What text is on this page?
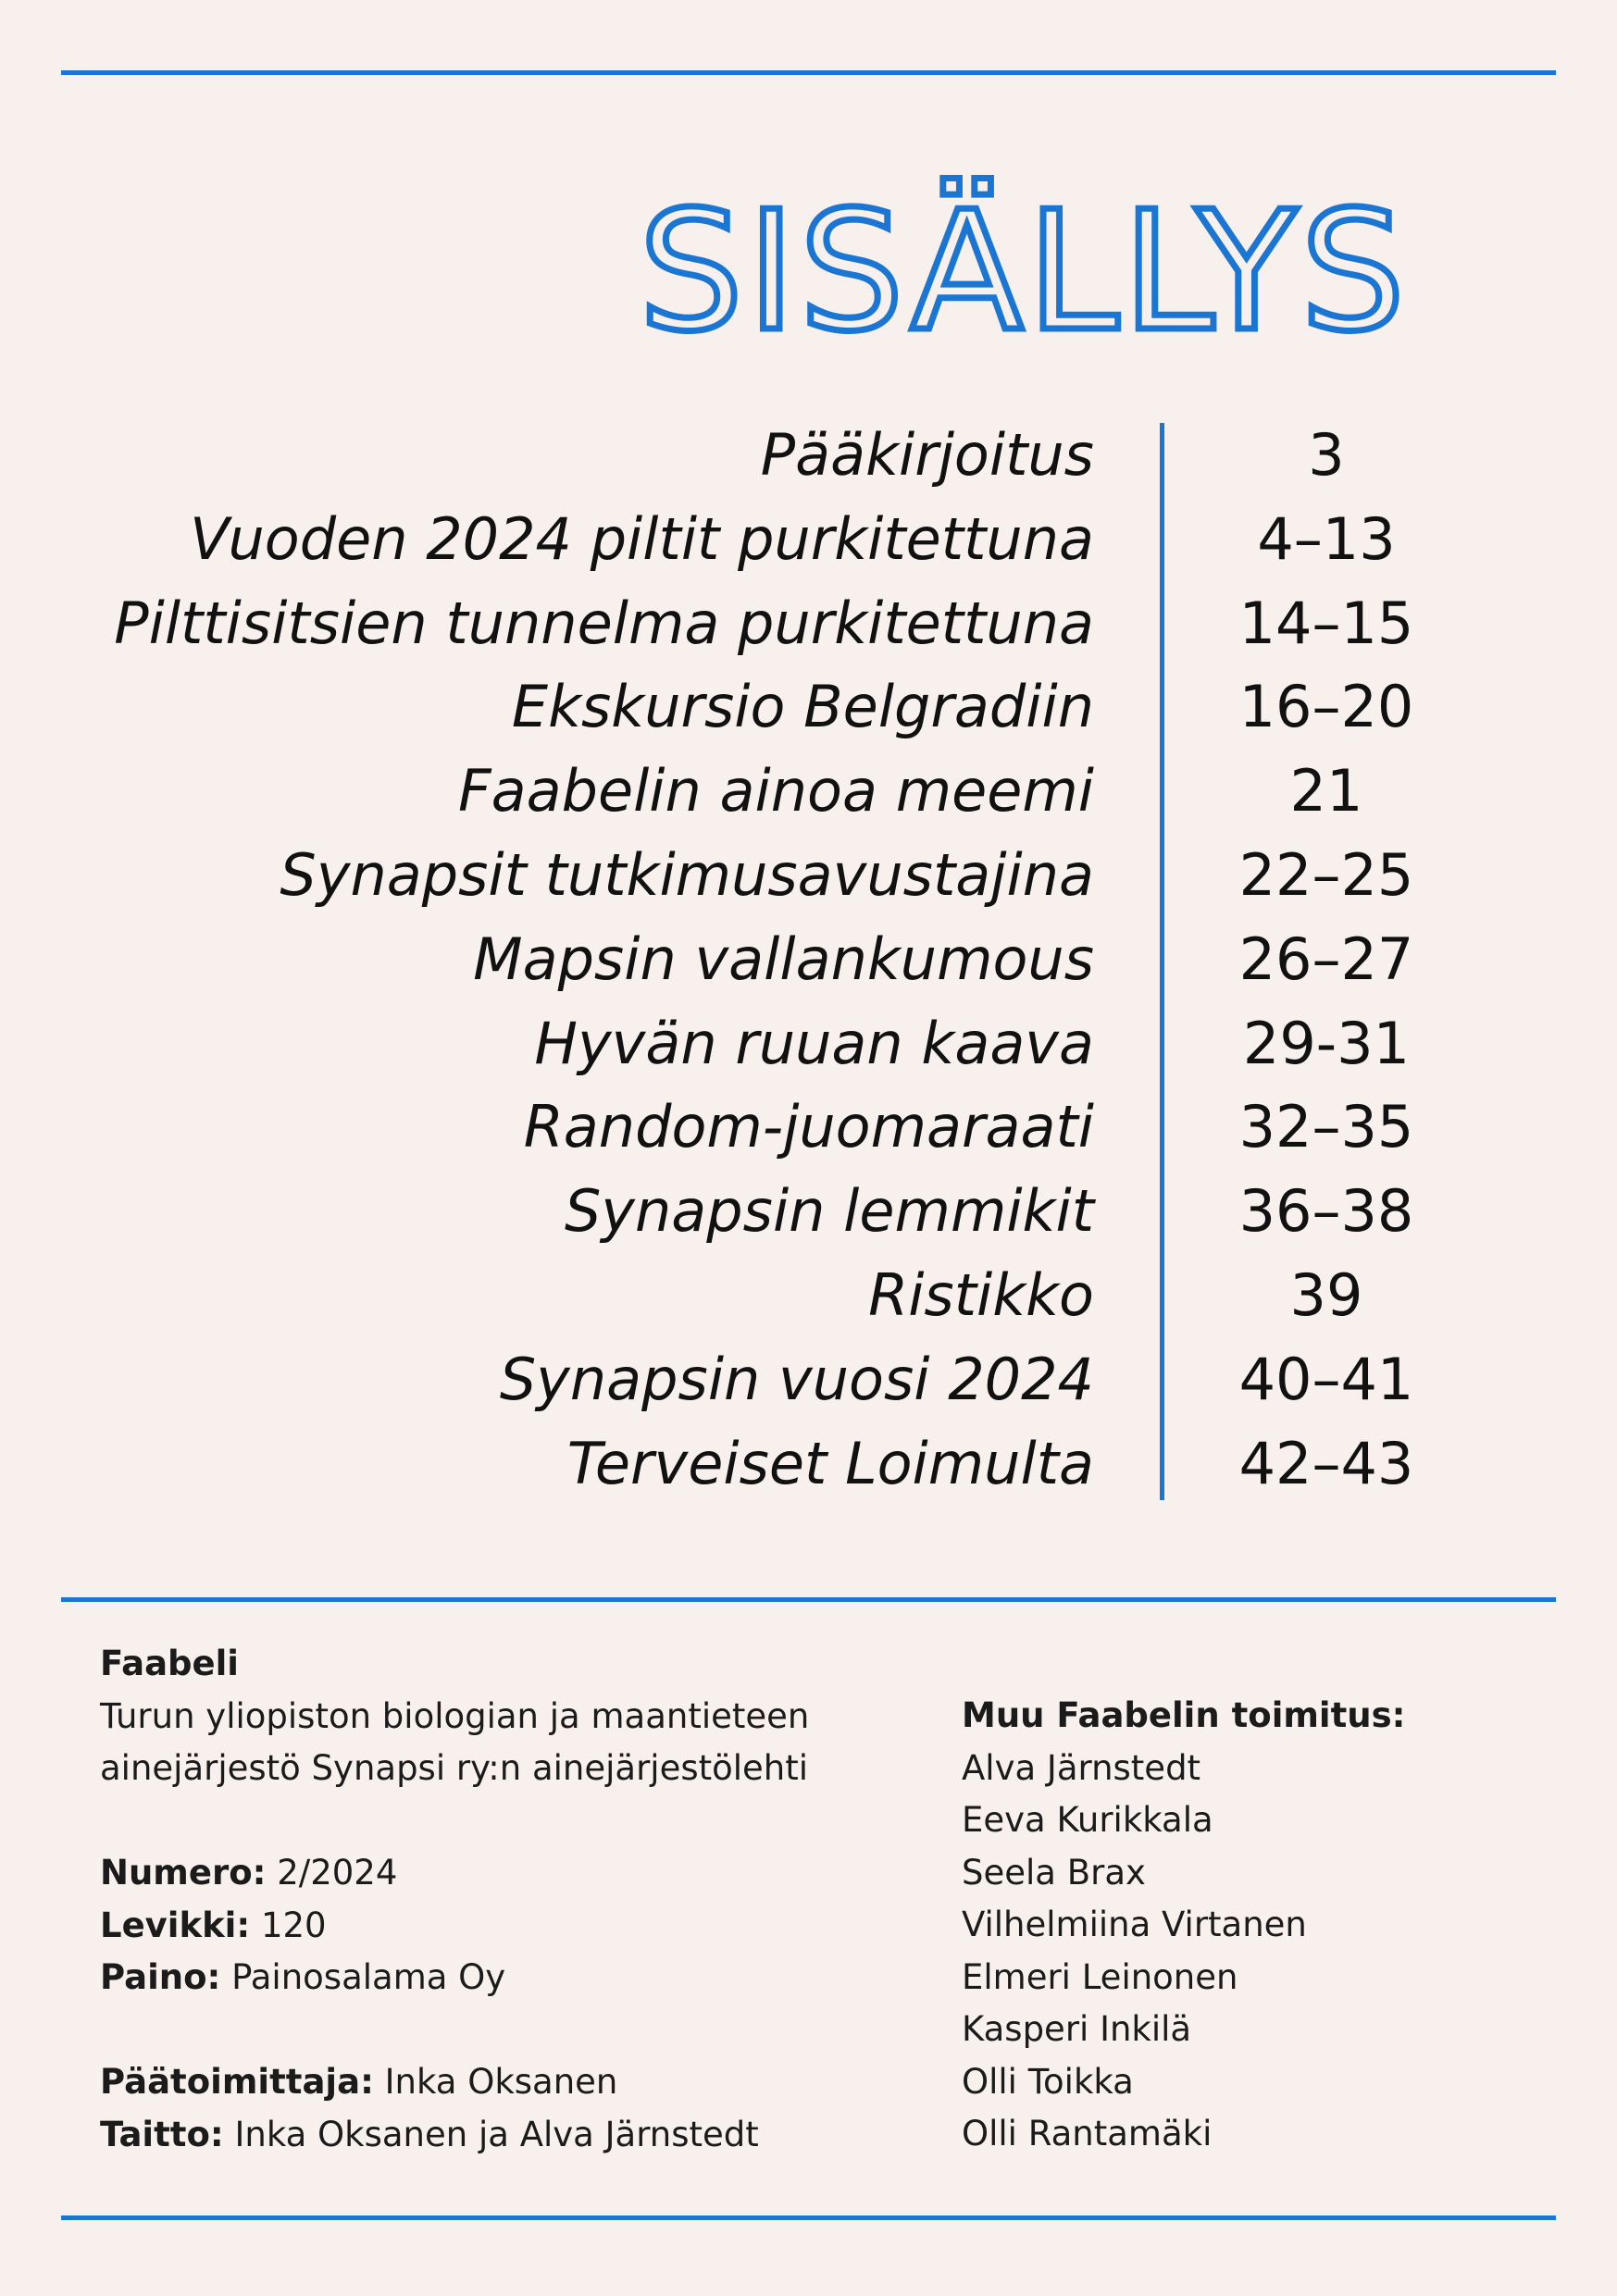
SISÄLLYS
Pääkirjoitus	3
Vuoden 2024 piltit purkitettuna	4–13
Pilttisitsien tunnelma purkitettuna	14–15
Ekskursio Belgradiin	16–20
Faabelin ainoa meemi	21
Synapsit tutkimusavustajina	22–25
Mapsin vallankumous	26–27
Hyvän ruuan kaava	29-31
Random-juomaraati	32–35
Synapsin lemmikit	36–38
Ristikko	39
Synapsin vuosi 2024	40–41
Terveiset Loimulta	42–43
Faabeli
Turun yliopiston biologian ja maantieteen
ainejärjestö Synapsi ry:n ainejärjestölehti
Numero: 2/2024
Levikki: 120
Paino: Painosalama Oy
Päätoimittaja: Inka Oksanen
Taitto: Inka Oksanen ja Alva Järnstedt
Muu Faabelin toimitus:
Alva Järnstedt
Eeva Kurikkala
Seela Brax
Vilhelmiina Virtanen
Elmeri Leinonen
Kasperi Inkilä
Olli Toikka
Olli Rantamäki
